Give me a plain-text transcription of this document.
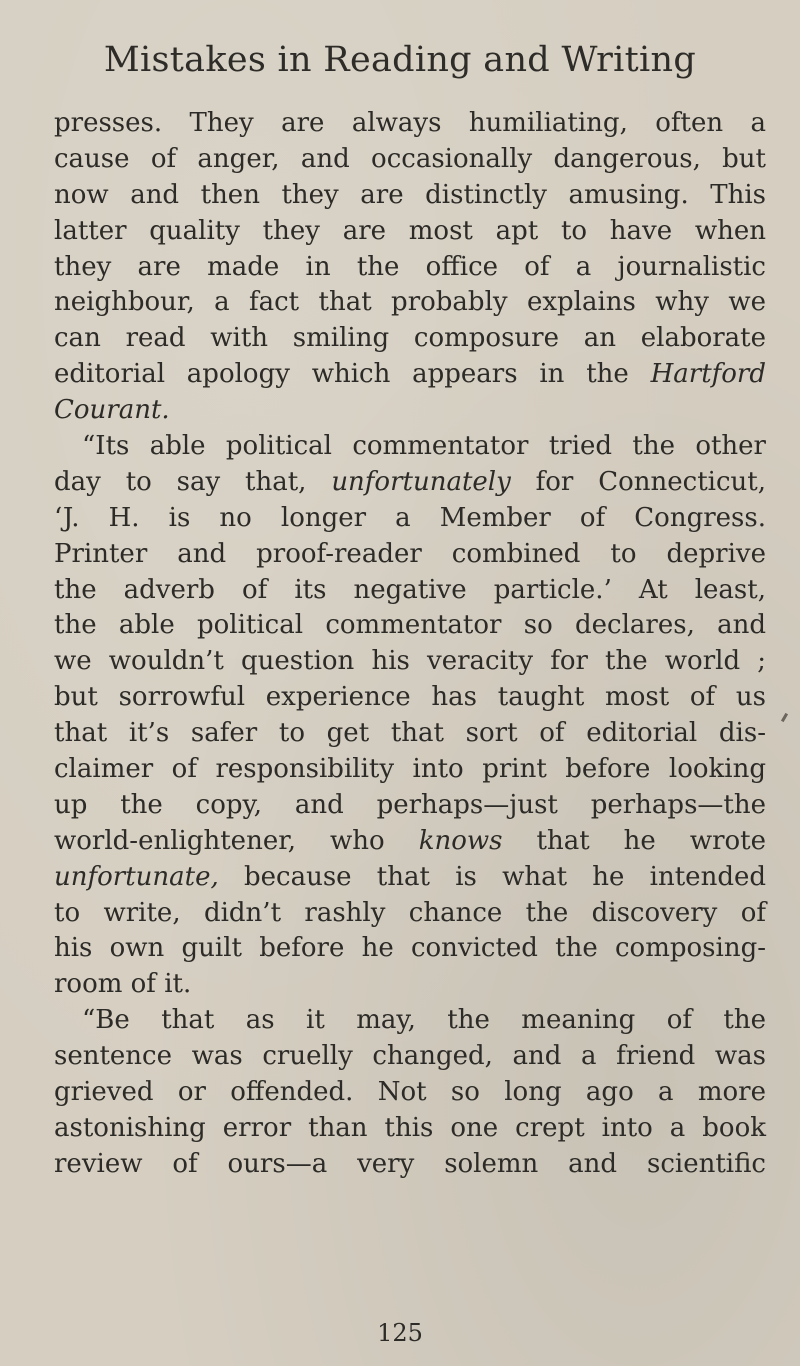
Mistakes in Reading and Writing
presses. They are always humiliating, often a
cause of anger, and occasionally dangerous, but
now and then they are distinctly amusing. This
latter quality they are most apt to have when
they are made in the office of a journalistic
neighbour, a fact that probably explains why we
can read with smiling composure an elaborate
editorial apology which appears in the Hartford
Courant.
“Its able political commentator tried the other
day to say that, unfortunately for Connecticut,
‘J. H. is no longer a Member of Congress.
Printer and proof-reader combined to deprive
the adverb of its negative particle.’ At least,
the able political commentator so declares, and
we wouldn’t question his veracity for the world ;
but sorrowful experience has taught most of us
that it’s safer to get that sort of editorial dis-
claimer of responsibility into print before looking
up the copy, and perhaps—just perhaps—the
world-enlightener, who knows that he wrote
unfortunate, because that is what he intended
to write, didn’t rashly chance the discovery of
his own guilt before he convicted the composing-
room of it.
“Be that as it may, the meaning of the
sentence was cruelly changed, and a friend was
grieved or offended. Not so long ago a more
astonishing error than this one crept into a book
review of ours—a very solemn and scientific
125
